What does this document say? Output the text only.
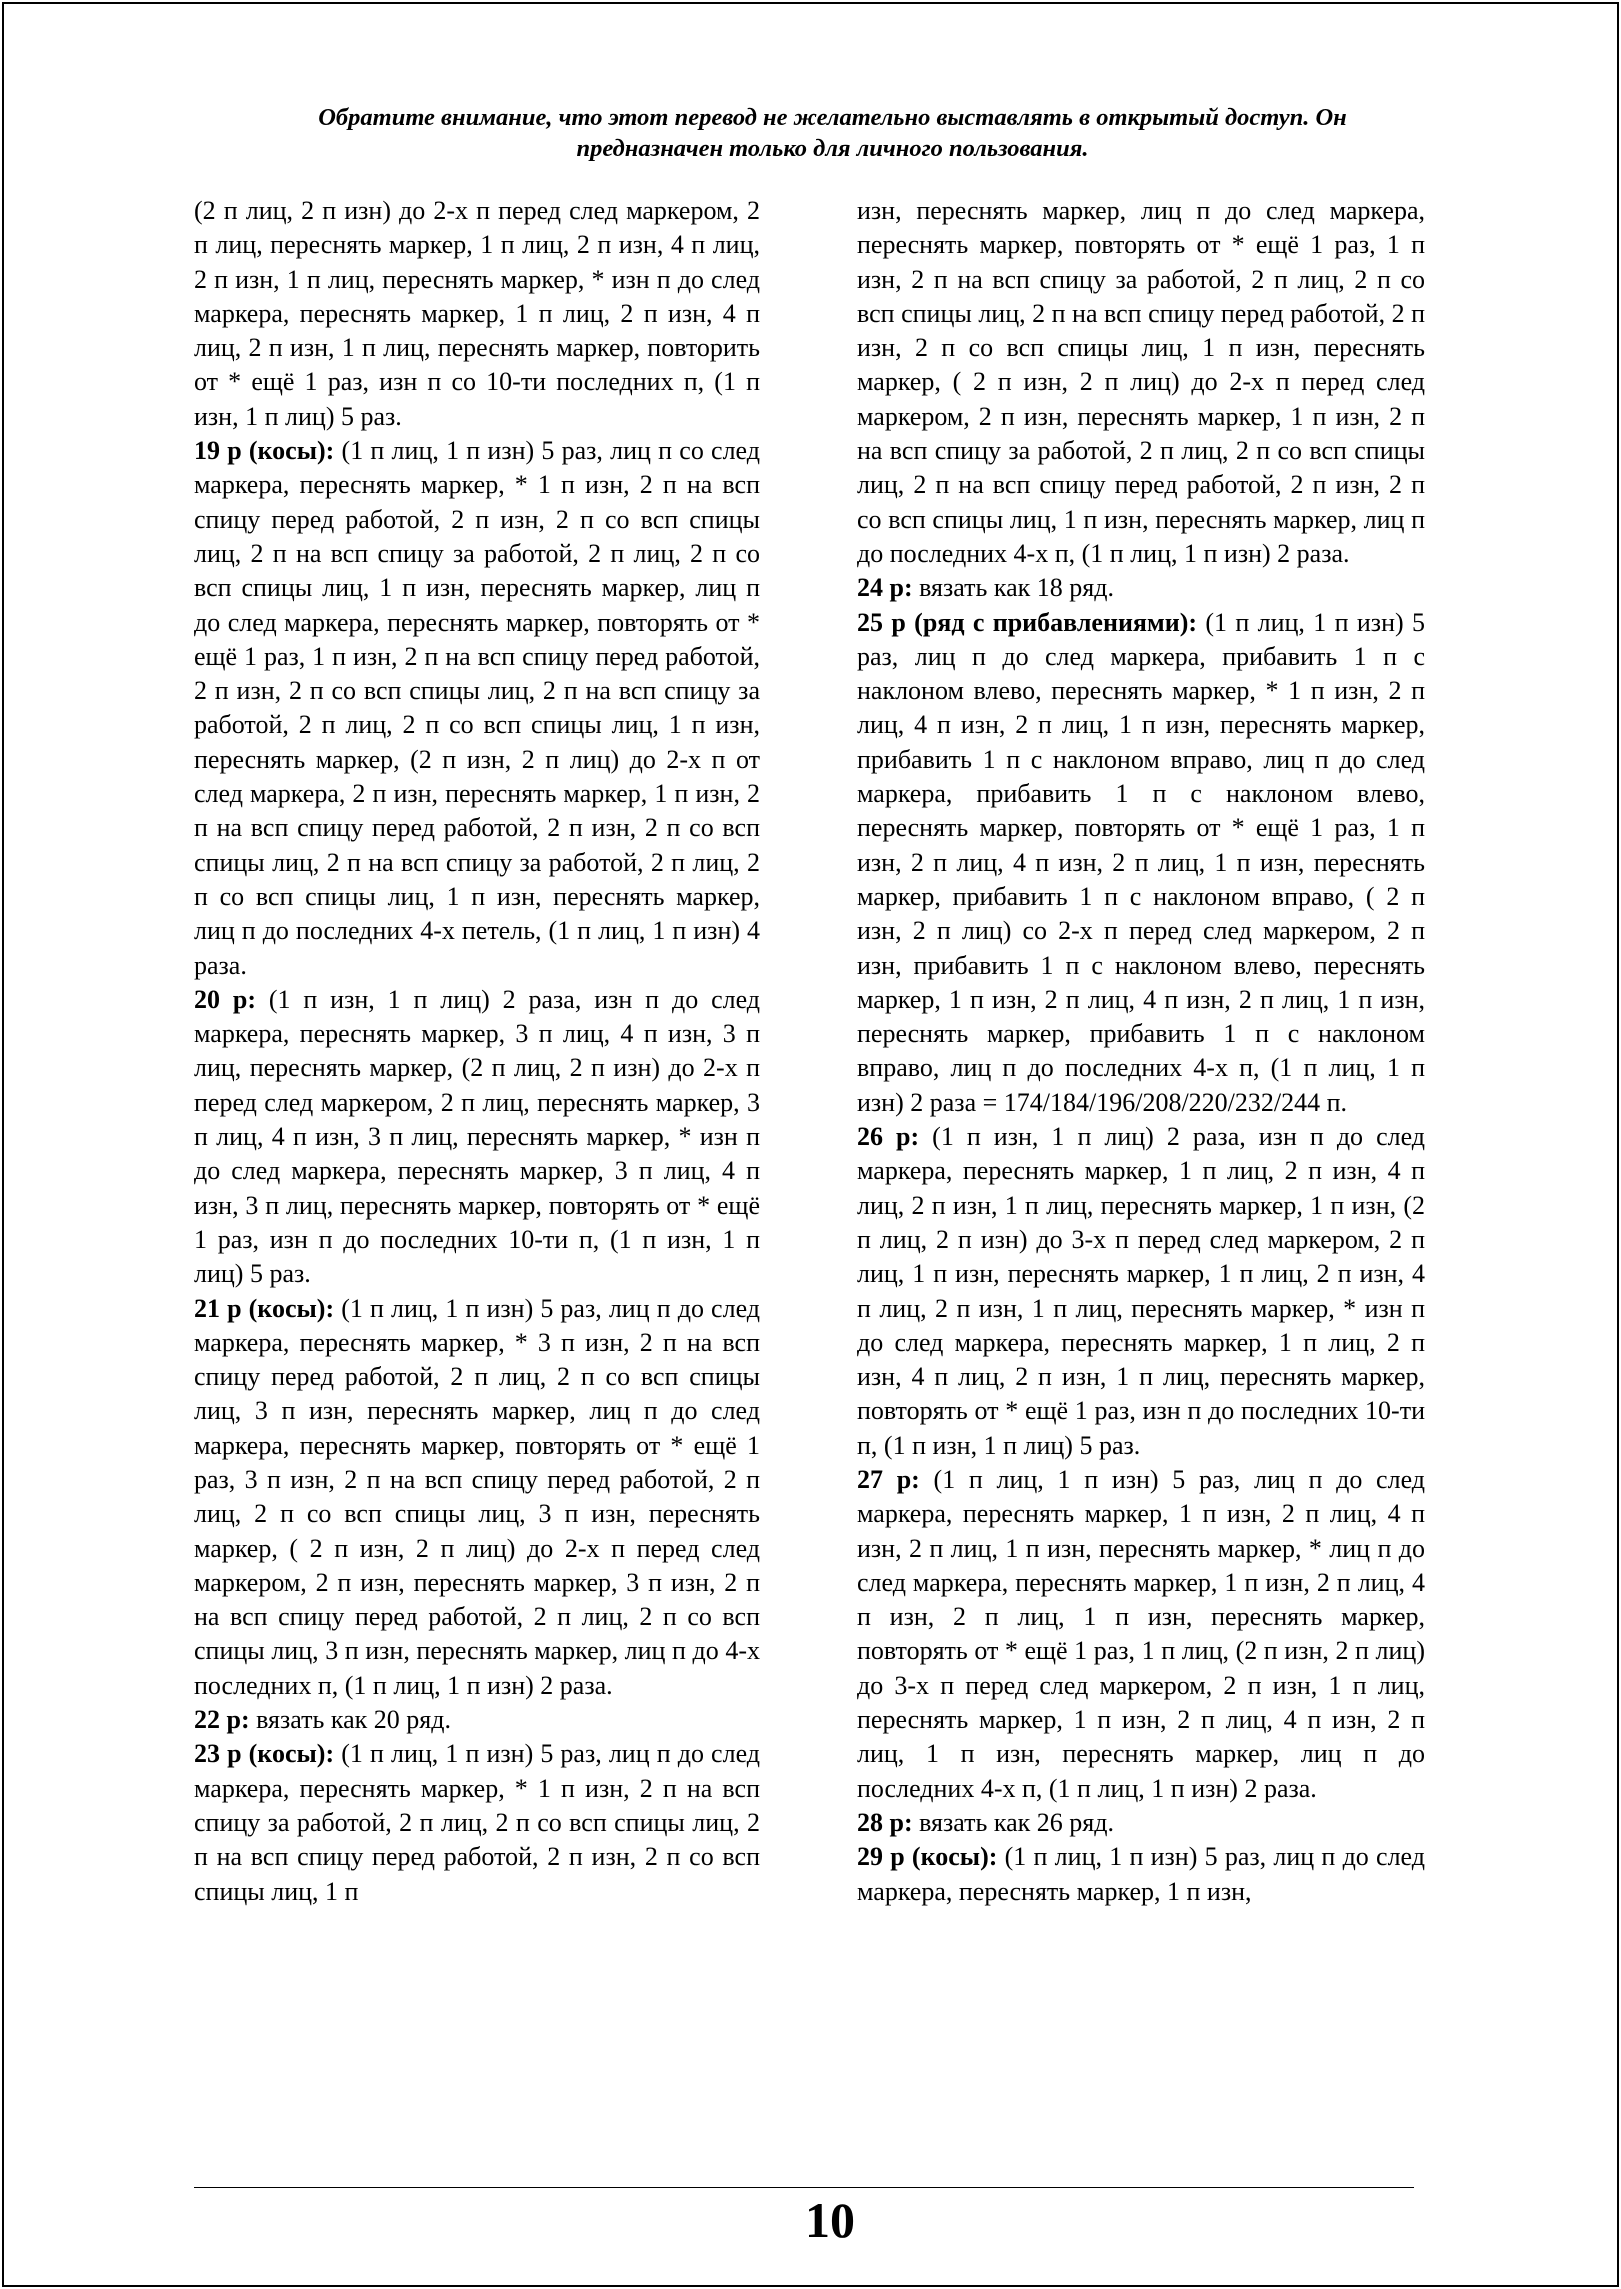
Обратите внимание, что этот перевод не желательно выставлять в открытый доступ. Он
предназначен только для личного пользования.

(2 п лиц, 2 п изн) до 2-х п перед след маркером, 2 п лиц, переснять маркер, 1 п лиц, 2 п изн, 4 п лиц, 2 п изн, 1 п лиц, переснять маркер, * изн п до след маркера, переснять маркер, 1 п лиц, 2 п изн, 4 п лиц, 2 п изн, 1 п лиц, переснять маркер, повторить от * ещё 1 раз, изн п со 10-ти последних п, (1 п изн, 1 п лиц) 5 раз.

19 р (косы): (1 п лиц, 1 п изн) 5 раз, лиц п со след маркера, переснять маркер, * 1 п изн, 2 п на всп спицу перед работой, 2 п изн, 2 п со всп спицы лиц, 2 п на всп спицу за работой, 2 п лиц, 2 п со всп спицы лиц, 1 п изн, переснять маркер, лиц п до след маркера, переснять маркер, повторять от * ещё 1 раз, 1 п изн, 2 п на всп спицу перед работой, 2 п изн, 2 п со всп спицы лиц, 2 п на всп спицу за работой, 2 п лиц, 2 п со всп спицы лиц, 1 п изн, переснять маркер, (2 п изн, 2 п лиц) до 2-х п от след маркера, 2 п изн, переснять маркер, 1 п изн, 2 п на всп спицу перед работой, 2 п изн, 2 п со всп спицы лиц, 2 п на всп спицу за работой, 2 п лиц, 2 п со всп спицы лиц, 1 п изн, переснять маркер, лиц п до последних 4-х петель, (1 п лиц, 1 п изн) 4 раза.

20 р: (1 п изн, 1 п лиц) 2 раза, изн п до след маркера, переснять маркер, 3 п лиц, 4 п изн, 3 п лиц, переснять маркер, (2 п лиц, 2 п изн) до 2-х п перед след маркером, 2 п лиц, переснять маркер, 3 п лиц, 4 п изн, 3 п лиц, переснять маркер, * изн п до след маркера, переснять маркер, 3 п лиц, 4 п изн, 3 п лиц, переснять маркер, повторять от * ещё 1 раз, изн п до последних 10-ти п, (1 п изн, 1 п лиц) 5 раз.

21 р (косы): (1 п лиц, 1 п изн) 5 раз, лиц п до след маркера, переснять маркер, * 3 п изн, 2 п на всп спицу перед работой, 2 п лиц, 2 п со всп спицы лиц, 3 п изн, переснять маркер, лиц п до след маркера, переснять маркер, повторять от * ещё 1 раз, 3 п изн, 2 п на всп спицу перед работой, 2 п лиц, 2 п со всп спицы лиц, 3 п изн, переснять маркер, ( 2 п изн, 2 п лиц) до 2-х п перед след маркером, 2 п изн, переснять маркер, 3 п изн, 2 п на всп спицу перед работой, 2 п лиц, 2 п со всп спицы лиц, 3 п изн, переснять маркер, лиц п до 4-х последних п, (1 п лиц, 1 п изн) 2 раза.

22 р: вязать как 20 ряд.

23 р (косы): (1 п лиц, 1 п изн) 5 раз, лиц п до след маркера, переснять маркер, * 1 п изн, 2 п на всп спицу за работой, 2 п лиц, 2 п со всп спицы лиц, 2 п на всп спицу перед работой, 2 п изн, 2 п со всп спицы лиц, 1 п

изн, переснять маркер, лиц п до след маркера, переснять маркер, повторять от * ещё 1 раз, 1 п изн, 2 п на всп спицу за работой, 2 п лиц, 2 п со всп спицы лиц, 2 п на всп спицу перед работой, 2 п изн, 2 п со всп спицы лиц, 1 п изн, переснять маркер, ( 2 п изн, 2 п лиц) до 2-х п перед след маркером, 2 п изн, переснять маркер, 1 п изн, 2 п на всп спицу за работой, 2 п лиц, 2 п со всп спицы лиц, 2 п на всп спицу перед работой, 2 п изн, 2 п со всп спицы лиц, 1 п изн, переснять маркер, лиц п до последних 4-х п, (1 п лиц, 1 п изн) 2 раза.

24 р: вязать как 18 ряд.

25 р (ряд с прибавлениями): (1 п лиц, 1 п изн) 5 раз, лиц п до след маркера, прибавить 1 п с наклоном влево, переснять маркер, * 1 п изн, 2 п лиц, 4 п изн, 2 п лиц, 1 п изн, переснять маркер, прибавить 1 п с наклоном вправо, лиц п до след маркера, прибавить 1 п с наклоном влево, переснять маркер, повторять от * ещё 1 раз, 1 п изн, 2 п лиц, 4 п изн, 2 п лиц, 1 п изн, переснять маркер, прибавить 1 п с наклоном вправо, ( 2 п изн, 2 п лиц) со 2-х п перед след маркером, 2 п изн, прибавить 1 п с наклоном влево, переснять маркер, 1 п изн, 2 п лиц, 4 п изн, 2 п лиц, 1 п изн, переснять маркер, прибавить 1 п с наклоном вправо, лиц п до последних 4-х п, (1 п лиц, 1 п изн) 2 раза = 174/184/196/208/220/232/244 п.

26 р: (1 п изн, 1 п лиц) 2 раза, изн п до след маркера, переснять маркер, 1 п лиц, 2 п изн, 4 п лиц, 2 п изн, 1 п лиц, переснять маркер, 1 п изн, (2 п лиц, 2 п изн) до 3-х п перед след маркером, 2 п лиц, 1 п изн, переснять маркер, 1 п лиц, 2 п изн, 4 п лиц, 2 п изн, 1 п лиц, переснять маркер, * изн п до след маркера, переснять маркер, 1 п лиц, 2 п изн, 4 п лиц, 2 п изн, 1 п лиц, переснять маркер, повторять от * ещё 1 раз, изн п до последних 10-ти п, (1 п изн, 1 п лиц) 5 раз.

27 р: (1 п лиц, 1 п изн) 5 раз, лиц п до след маркера, переснять маркер, 1 п изн, 2 п лиц, 4 п изн, 2 п лиц, 1 п изн, переснять маркер, * лиц п до след маркера, переснять маркер, 1 п изн, 2 п лиц, 4 п изн, 2 п лиц, 1 п изн, переснять маркер, повторять от * ещё 1 раз, 1 п лиц, (2 п изн, 2 п лиц) до 3-х п перед след маркером, 2 п изн, 1 п лиц, переснять маркер, 1 п изн, 2 п лиц, 4 п изн, 2 п лиц, 1 п изн, переснять маркер, лиц п до последних 4-х п, (1 п лиц, 1 п изн) 2 раза.

28 р: вязать как 26 ряд.

29 р (косы): (1 п лиц, 1 п изн) 5 раз, лиц п до след маркера, переснять маркер, 1 п изн,

10
